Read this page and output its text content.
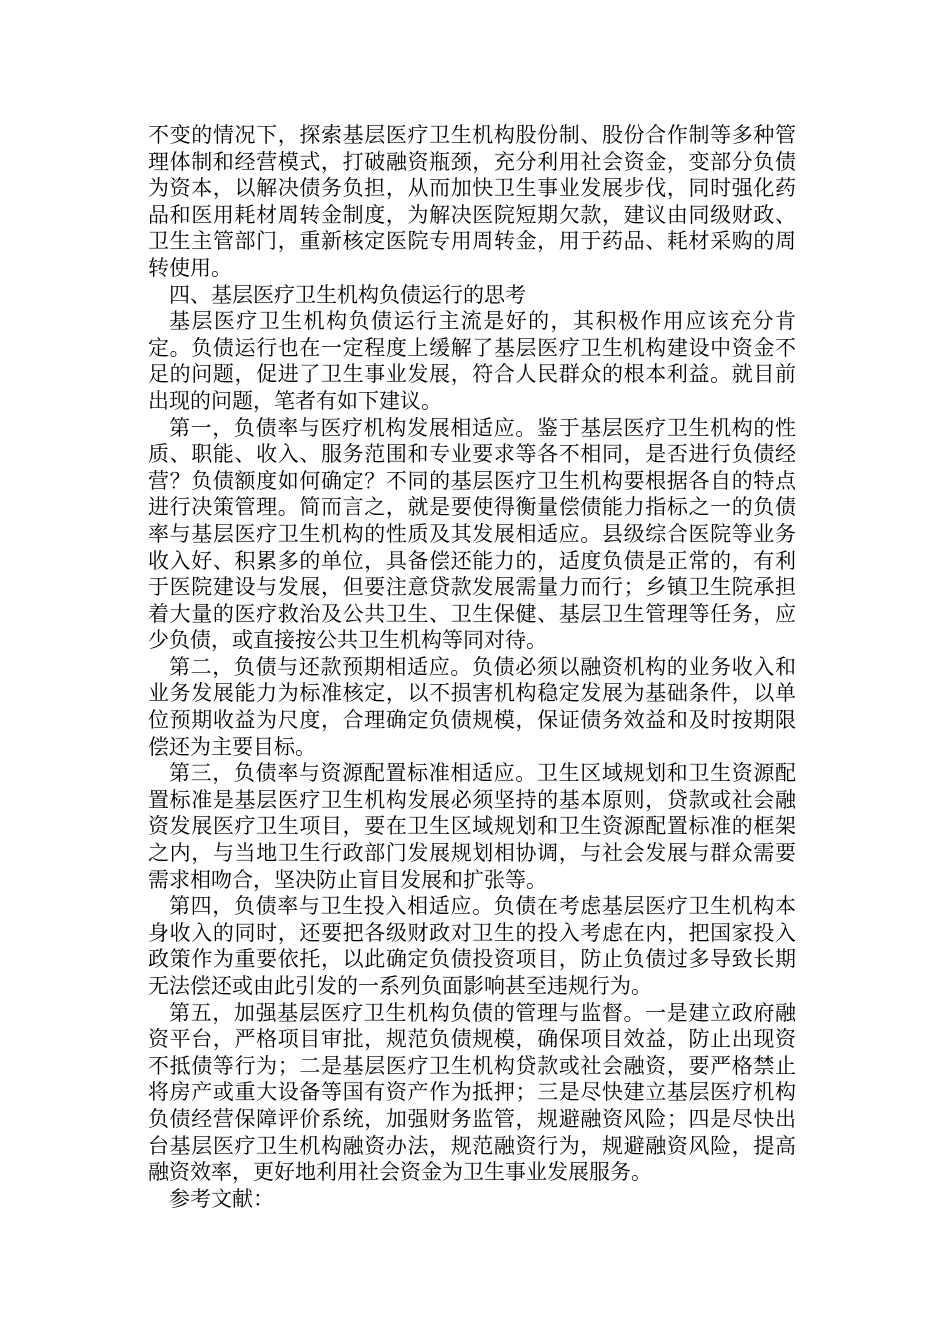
不变的情况下，探索基层医疗卫生机构股份制、股份合作制等多种管理体制和经营模式，打破融资瓶颈，充分利用社会资金，变部分负债为资本，以解决债务负担，从而加快卫生事业发展步伐，同时强化药品和医用耗材周转金制度，为解决医院短期欠款，建议由同级财政、卫生主管部门，重新核定医院专用周转金，用于药品、耗材采购的周转使用。

四、基层医疗卫生机构负债运行的思考

基层医疗卫生机构负债运行主流是好的，其积极作用应该充分肯定。负债运行也在一定程度上缓解了基层医疗卫生机构建设中资金不足的问题，促进了卫生事业发展，符合人民群众的根本利益。就目前出现的问题，笔者有如下建议。

第一，负债率与医疗机构发展相适应。鉴于基层医疗卫生机构的性质、职能、收入、服务范围和专业要求等各不相同，是否进行负债经营？负债额度如何确定？不同的基层医疗卫生机构要根据各自的特点进行决策管理。简而言之，就是要使得衡量偿债能力指标之一的负债率与基层医疗卫生机构的性质及其发展相适应。县级综合医院等业务收入好、积累多的单位，具备偿还能力的，适度负债是正常的，有利于医院建设与发展，但要注意贷款发展需量力而行；乡镇卫生院承担着大量的医疗救治及公共卫生、卫生保健、基层卫生管理等任务，应少负债，或直接按公共卫生机构等同对待。

第二，负债与还款预期相适应。负债必须以融资机构的业务收入和业务发展能力为标准核定，以不损害机构稳定发展为基础条件，以单位预期收益为尺度，合理确定负债规模，保证债务效益和及时按期限偿还为主要目标。

第三，负债率与资源配置标准相适应。卫生区域规划和卫生资源配置标准是基层医疗卫生机构发展必须坚持的基本原则，贷款或社会融资发展医疗卫生项目，要在卫生区域规划和卫生资源配置标准的框架之内，与当地卫生行政部门发展规划相协调，与社会发展与群众需要需求相吻合，坚决防止盲目发展和扩张等。

第四，负债率与卫生投入相适应。负债在考虑基层医疗卫生机构本身收入的同时，还要把各级财政对卫生的投入考虑在内，把国家投入政策作为重要依托，以此确定负债投资项目，防止负债过多导致长期无法偿还或由此引发的一系列负面影响甚至违规行为。

第五，加强基层医疗卫生机构负债的管理与监督。一是建立政府融资平台，严格项目审批，规范负债规模，确保项目效益，防止出现资不抵债等行为；二是基层医疗卫生机构贷款或社会融资，要严格禁止将房产或重大设备等国有资产作为抵押；三是尽快建立基层医疗机构负债经营保障评价系统，加强财务监管，规避融资风险；四是尽快出台基层医疗卫生机构融资办法，规范融资行为，规避融资风险，提高融资效率，更好地利用社会资金为卫生事业发展服务。

参考文献：
